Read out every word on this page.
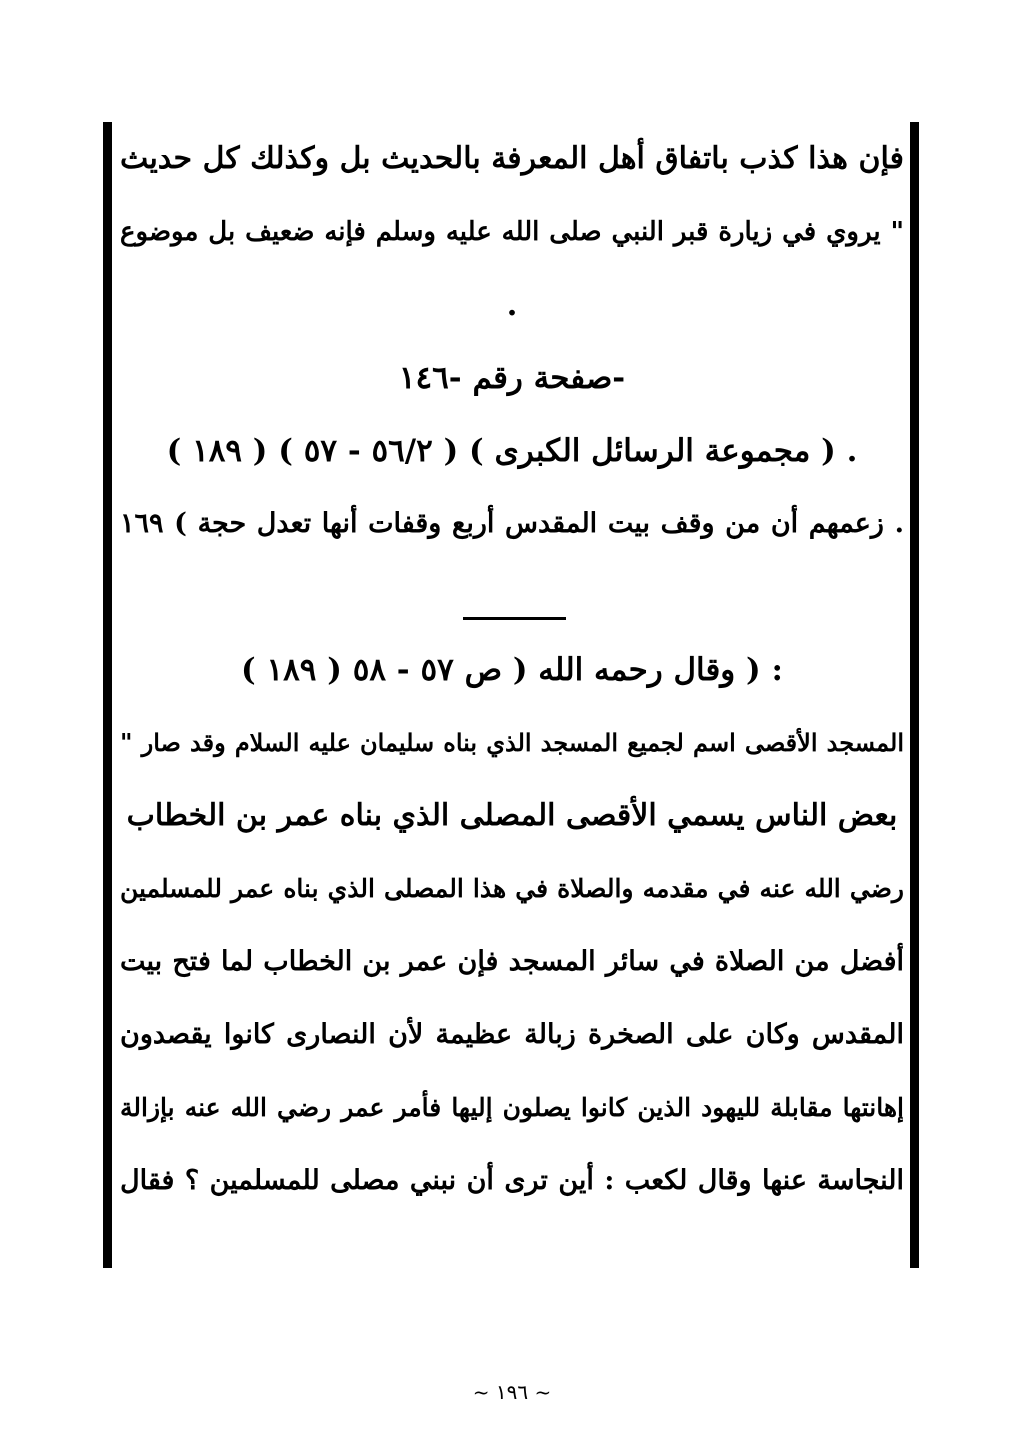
فإن هذا كذب باتفاق أهل المعرفة بالحديث بل وكذلك كل حديث
" يروي في زيارة قبر النبي صلى الله عليه وسلم فإنه ضعيف بل موضوع
.
-صفحة رقم -١٤٦
. ( مجموعة الرسائل الكبرى ) ( ٥٦/٢ - ٥٧ ) ( ١٨٩ )
. زعمهم أن من وقف بيت المقدس أربع وقفات أنها تعدل حجة ) ١٦٩
: ( وقال رحمه الله ( ص ٥٧ - ٥٨ ( ١٨٩ )
المسجد الأقصى اسم لجميع المسجد الذي بناه سليمان عليه السلام وقد صار "
بعض الناس يسمي الأقصى المصلى الذي بناه عمر بن الخطاب
رضي الله عنه في مقدمه والصلاة في هذا المصلى الذي بناه عمر للمسلمين
أفضل من الصلاة في سائر المسجد فإن عمر بن الخطاب لما فتح بيت
المقدس وكان على الصخرة زبالة عظيمة لأن النصارى كانوا يقصدون
إهانتها مقابلة لليهود الذين كانوا يصلون إليها فأمر عمر رضي الله عنه بإزالة
النجاسة عنها وقال لكعب : أين ترى أن نبني مصلى للمسلمين ؟ فقال
~ ١٩٦ ~
